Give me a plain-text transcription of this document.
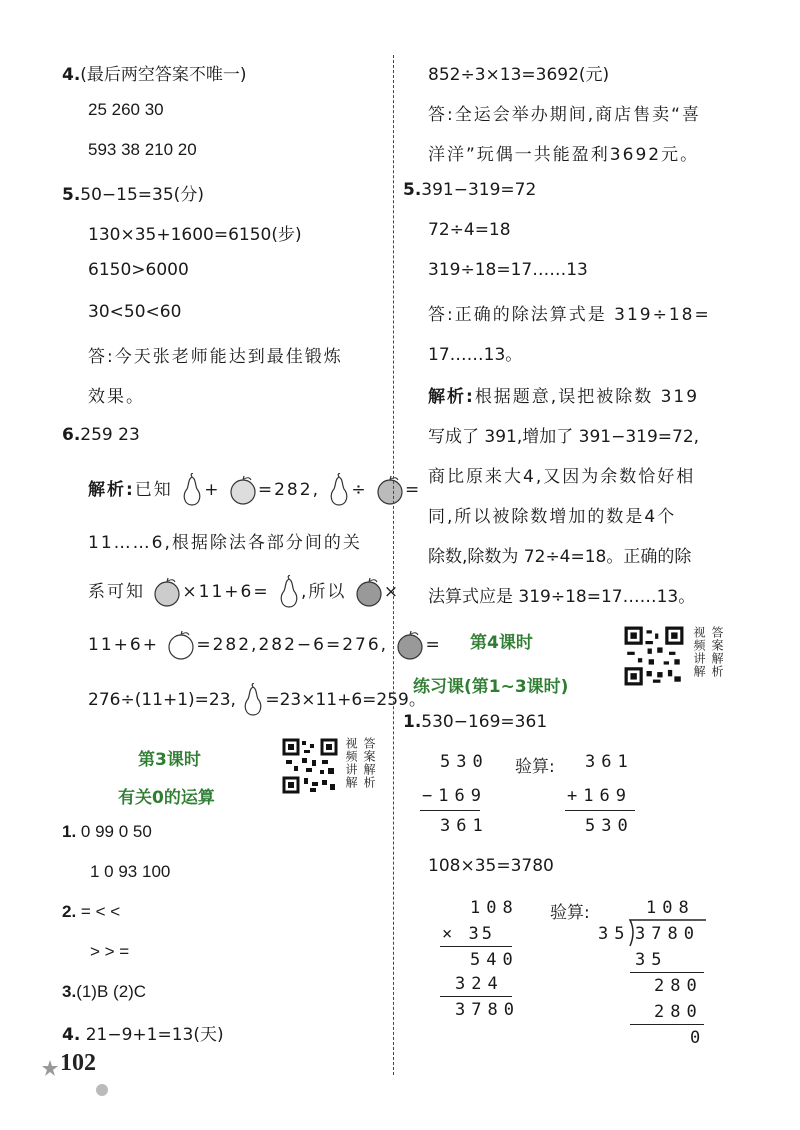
4.(最后两空答案不唯一)
25 260 30
593 38 210 20
5.50−15=35(分)
130×35+1600=6150(步)
6150>6000
30<50<60
答:今天张老师能达到最佳锻炼
效果。
6.259 23
解析:已知 + =282, ÷ =
11……6,根据除法各部分间的关
系可知 ×11+6= ,所以 ×
11+6+ =282,282−6=276, =
276÷(11+1)=23, =23×11+6=259。
第3课时
有关0的运算
答案解析
视频讲解
1. 0 99 0 50
1 0 93 100
2. = < <
> > =
3.(1)B (2)C
4. 21−9+1=13(天)
852÷3×13=3692(元)
答:全运会举办期间,商店售卖“喜
洋洋”玩偶一共能盈利3692元。
5.391−319=72
72÷4=18
319÷18=17……13
答:正确的除法算式是 319÷18=
17……13。
解析:根据题意,误把被除数 319
写成了 391,增加了 391−319=72,
商比原来大4,又因为余数恰好相
同,所以被除数增加的数是4个
除数,除数为 72÷4=18。正确的除
法算式应是 319÷18=17……13。
第4课时
练习课(第1~3课时)
答案解析
视频讲解
1.530−169=361
530
−169
361
验算: 361
+169
530
108×35=3780
108
× 35
540
324
3780
验算:	108
35 3780
35
280
280
0
102
